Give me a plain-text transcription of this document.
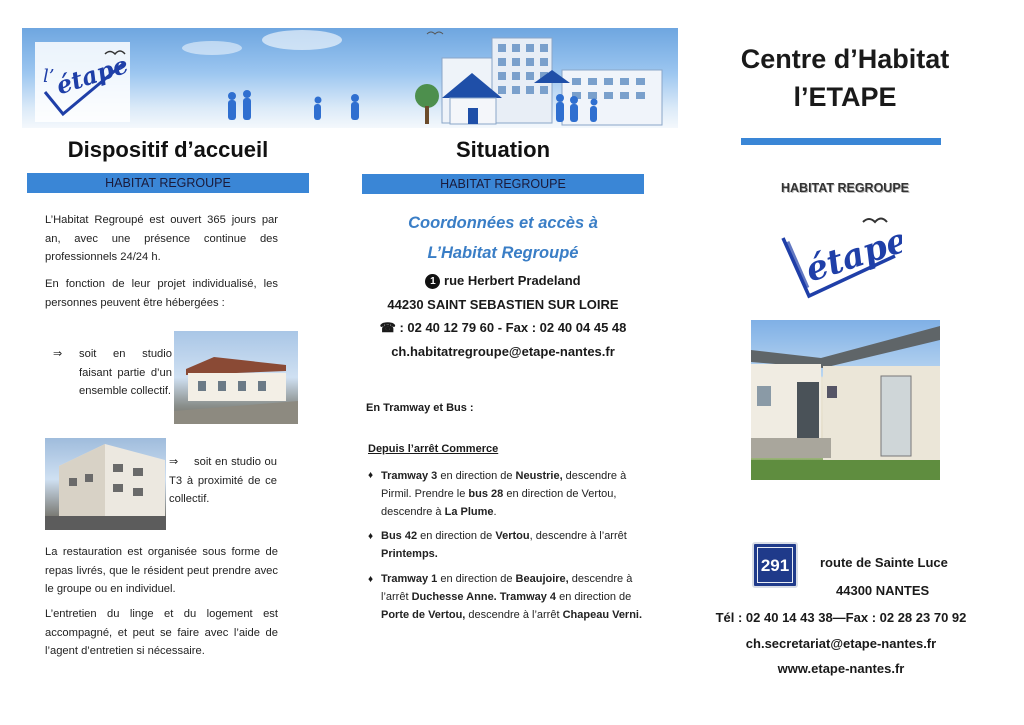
étape
l’
Dispositif d’accueil
HABITAT REGROUPE
L’Habitat Regroupé est ouvert 365 jours par an, avec une présence continue des professionnels 24/24 h.
En fonction de leur projet individualisé, les personnes peuvent être hébergées :
⇒ soit en studio faisant partie d’un ensemble collectif.
⇒	soit en studio ou T3 à proximité de ce collectif.
La restauration est organisée sous forme de repas livrés, que le résident peut prendre avec le groupe ou en individuel.
L’entretien du linge et du logement est accompagné, et peut se faire avec l’aide de l’agent d’entretien si nécessaire.
Situation
HABITAT REGROUPE
Coordonnées et accès à
L’Habitat Regroupé
1 rue Herbert Pradeland
44230 SAINT SEBASTIEN SUR LOIRE
☎ : 02 40 12 79 60 - Fax : 02 40 04 45 48
ch.habitatregroupe@etape-nantes.fr
En Tramway et Bus :
Depuis l’arrêt Commerce
♦ Tramway 3 en direction de Neustrie, descendre à Pirmil. Prendre le bus 28 en direction de Vertou, descendre à La Plume.
♦ Bus 42 en direction de Vertou, descendre à l’arrêt Printemps.
♦ Tramway 1 en direction de Beaujoire, descendre à l’arrêt Duchesse Anne. Tramway 4 en direction de Porte de Vertou, descendre à l’arrêt Chapeau Verni.
Centre d’Habitat
l’ETAPE
HABITAT REGROUPE
étape
291 route de Sainte Luce
44300 NANTES
Tél : 02 40 14 43 38—Fax : 02 28 23 70 92
ch.secretariat@etape-nantes.fr
www.etape-nantes.fr
